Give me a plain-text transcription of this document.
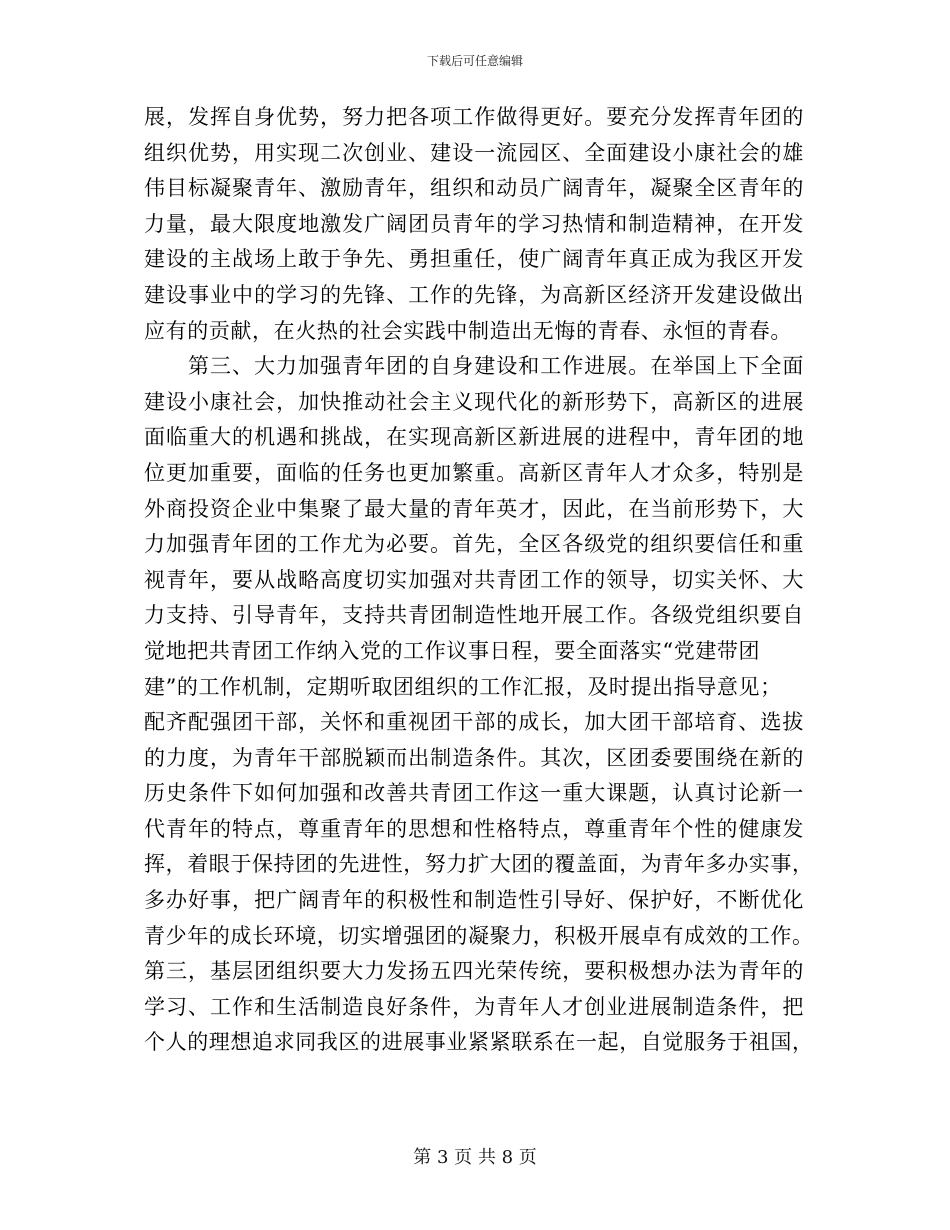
下载后可任意编辑
展，发挥自身优势，努力把各项工作做得更好。要充分发挥青年团的
组织优势，用实现二次创业、建设一流园区、全面建设小康社会的雄
伟目标凝聚青年、激励青年，组织和动员广阔青年，凝聚全区青年的
力量，最大限度地激发广阔团员青年的学习热情和制造精神，在开发
建设的主战场上敢于争先、勇担重任，使广阔青年真正成为我区开发
建设事业中的学习的先锋、工作的先锋，为高新区经济开发建设做出
应有的贡献，在火热的社会实践中制造出无悔的青春、永恒的青春。
第三、大力加强青年团的自身建设和工作进展。在举国上下全面
建设小康社会，加快推动社会主义现代化的新形势下，高新区的进展
面临重大的机遇和挑战，在实现高新区新进展的进程中，青年团的地
位更加重要，面临的任务也更加繁重。高新区青年人才众多，特别是
外商投资企业中集聚了最大量的青年英才，因此，在当前形势下，大
力加强青年团的工作尤为必要。首先，全区各级党的组织要信任和重
视青年，要从战略高度切实加强对共青团工作的领导，切实关怀、大
力支持、引导青年，支持共青团制造性地开展工作。各级党组织要自
觉地把共青团工作纳入党的工作议事日程，要全面落实“党建带团
建”的工作机制，定期听取团组织的工作汇报，及时提出指导意见；
配齐配强团干部，关怀和重视团干部的成长，加大团干部培育、选拔
的力度，为青年干部脱颖而出制造条件。其次，区团委要围绕在新的
历史条件下如何加强和改善共青团工作这一重大课题，认真讨论新一
代青年的特点，尊重青年的思想和性格特点，尊重青年个性的健康发
挥，着眼于保持团的先进性，努力扩大团的覆盖面，为青年多办实事，
多办好事，把广阔青年的积极性和制造性引导好、保护好，不断优化
青少年的成长环境，切实增强团的凝聚力，积极开展卓有成效的工作。
第三，基层团组织要大力发扬五四光荣传统，要积极想办法为青年的
学习、工作和生活制造良好条件，为青年人才创业进展制造条件，把
个人的理想追求同我区的进展事业紧紧联系在一起，自觉服务于祖国，
第 3 页 共 8 页
